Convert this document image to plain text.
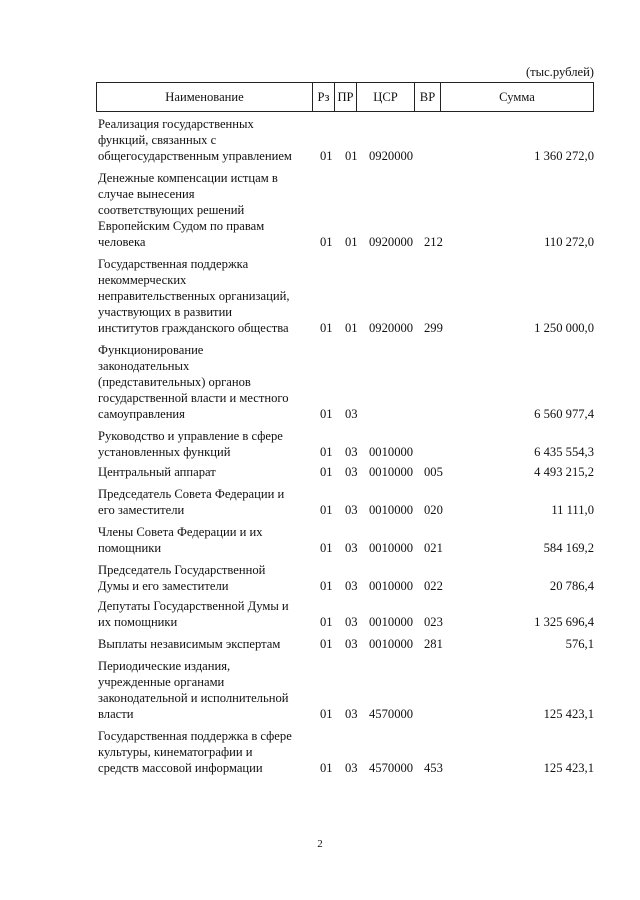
(тыс.рублей)
Наименование	Рз ПР	ЦСР	ВР	Сумма
Реализация государственных
функций, связанных с
общегосударственным управлением	01 01 0920000	1 360 272,0
Денежные компенсации истцам в
случае вынесения
соответствующих решений
Европейским Судом по правам
человека	01 01 0920000 212	110 272,0
Государственная поддержка
некоммерческих
неправительственных организаций,
участвующих в развитии
институтов гражданского общества	01 01 0920000 299	1 250 000,0
Функционирование
законодательных
(представительных) органов
государственной власти и местного
самоуправления	01 03	6 560 977,4
Руководство и управление в сфере
установленных функций	01 03 0010000	6 435 554,3
Центральный аппарат	01 03 0010000 005	4 493 215,2
Председатель Совета Федерации и
его заместители	01 03 0010000 020	11 111,0
Члены Совета Федерации и их
помощники	01 03 0010000 021	584 169,2
Председатель Государственной
Думы и его заместители	01 03 0010000 022	20 786,4
Депутаты Государственной Думы и
их помощники	01 03 0010000 023	1 325 696,4
Выплаты независимым экспертам	01 03 0010000 281	576,1
Периодические издания,
учрежденные органами
законодательной и исполнительной
власти	01 03 4570000	125 423,1
Государственная поддержка в сфере
культуры, кинематографии и
средств массовой информации	01 03 4570000 453	125 423,1
2
